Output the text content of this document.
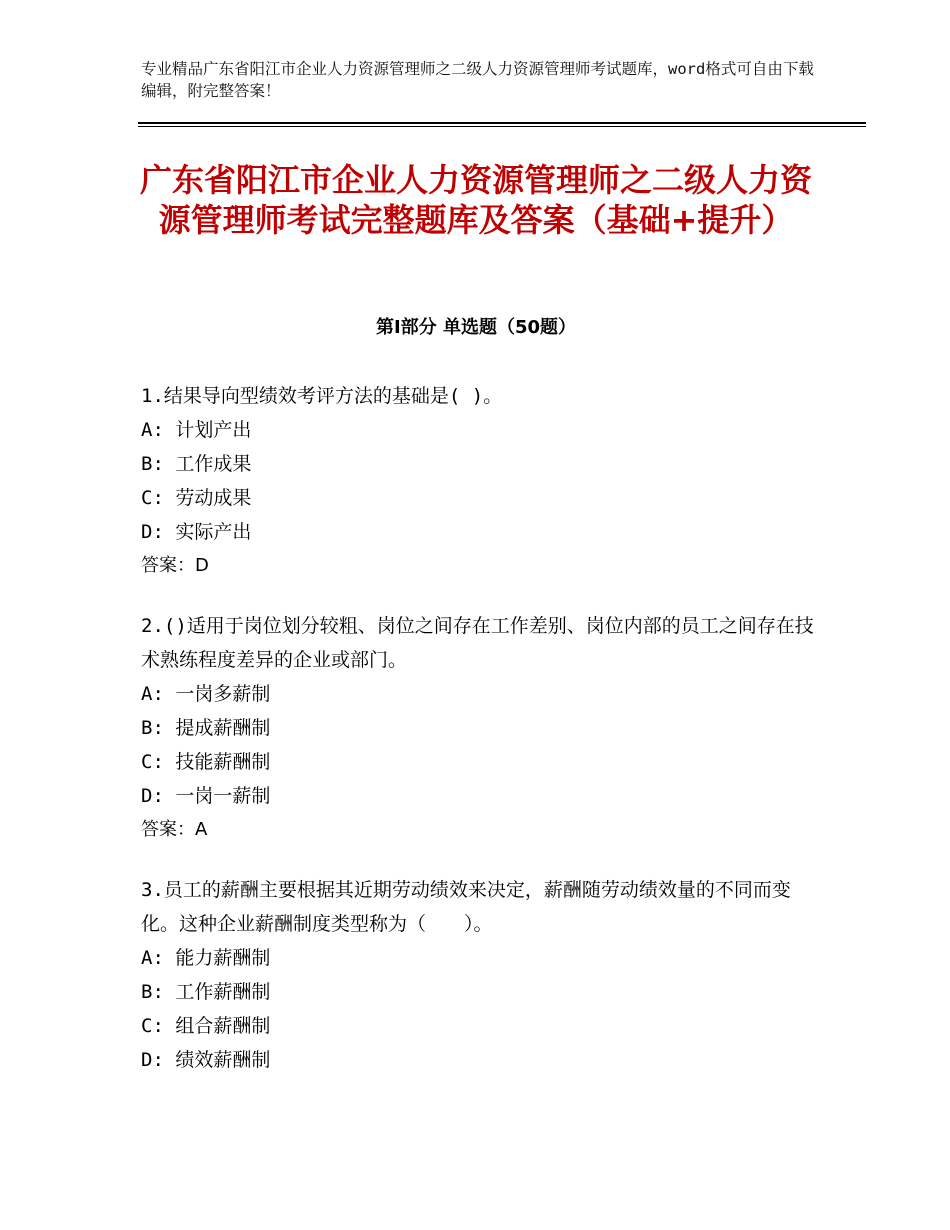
专业精品广东省阳江市企业人力资源管理师之二级人力资源管理师考试题库，word格式可自由下载编辑，附完整答案！
广东省阳江市企业人力资源管理师之二级人力资源管理师考试完整题库及答案（基础+提升）
第Ⅰ部分 单选题（50题）
1.结果导向型绩效考评方法的基础是( )。
A: 计划产出
B: 工作成果
C: 劳动成果
D: 实际产出
答案：D
2.()适用于岗位划分较粗、岗位之间存在工作差别、岗位内部的员工之间存在技术熟练程度差异的企业或部门。
A: 一岗多薪制
B: 提成薪酬制
C: 技能薪酬制
D: 一岗一薪制
答案：A
3.员工的薪酬主要根据其近期劳动绩效来决定，薪酬随劳动绩效量的不同而变化。这种企业薪酬制度类型称为（　　）。
A: 能力薪酬制
B: 工作薪酬制
C: 组合薪酬制
D: 绩效薪酬制
